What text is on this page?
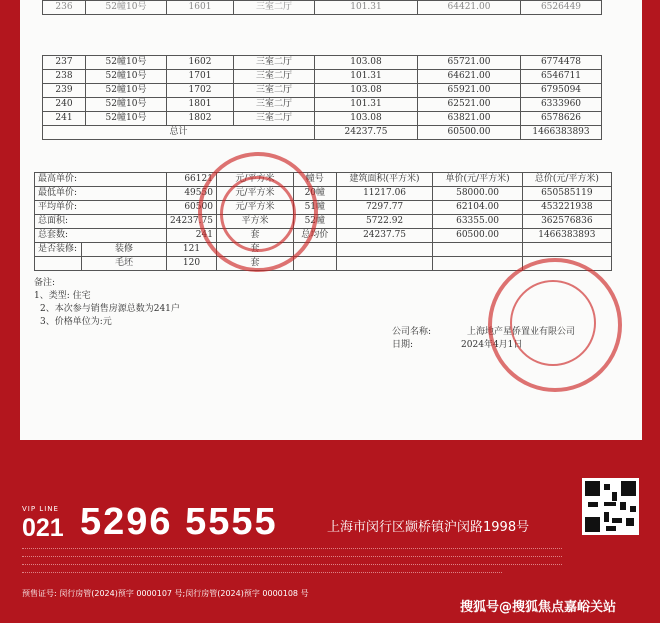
236	52幢10号	1601	三室二厅	101.31	64421.00	6526449
237	52幢10号	1602	三室二厅	103.08	65721.00	6774478
238	52幢10号	1701	三室二厅	101.31	64621.00	6546711
239	52幢10号	1702	三室二厅	103.08	65921.00	6795094
240	52幢10号	1801	三室二厅	101.31	62521.00	6333960
241	52幢10号	1802	三室二厅	103.08	63821.00	6578626
总计				24237.75	60500.00	1466383893
最高单价:		66121	元/平方米	幢号	建筑面积(平方米)	单价(元/平方米)	总价(元/平方米)
最低单价:		49550	元/平方米	20幢	11217.06	58000.00	650585119
平均单价:		60500	元/平方米	51幢	7297.77	62104.00	453221938
总面积:		24237.75	平方米	52幢	5722.92	63355.00	362576836
总套数:		241	套	总均价	24237.75	60500.00	1466383893
是否装修:	装修	121	套				
	毛坯	120	套				
备注:
1、类型: 住宅
2、本次参与销售房源总数为241户
3、价格单位为:元
公司名称:	上海地产星侨置业有限公司
日期:	2024年4月1日
VIP LINE
021 5296 5555	上海市闵行区颛桥镇沪闵路1998号
预售证号: 闵行房管(2024)预字 0000107 号;闵行房管(2024)预字 0000108 号
搜狐号@搜狐焦点嘉峪关站
